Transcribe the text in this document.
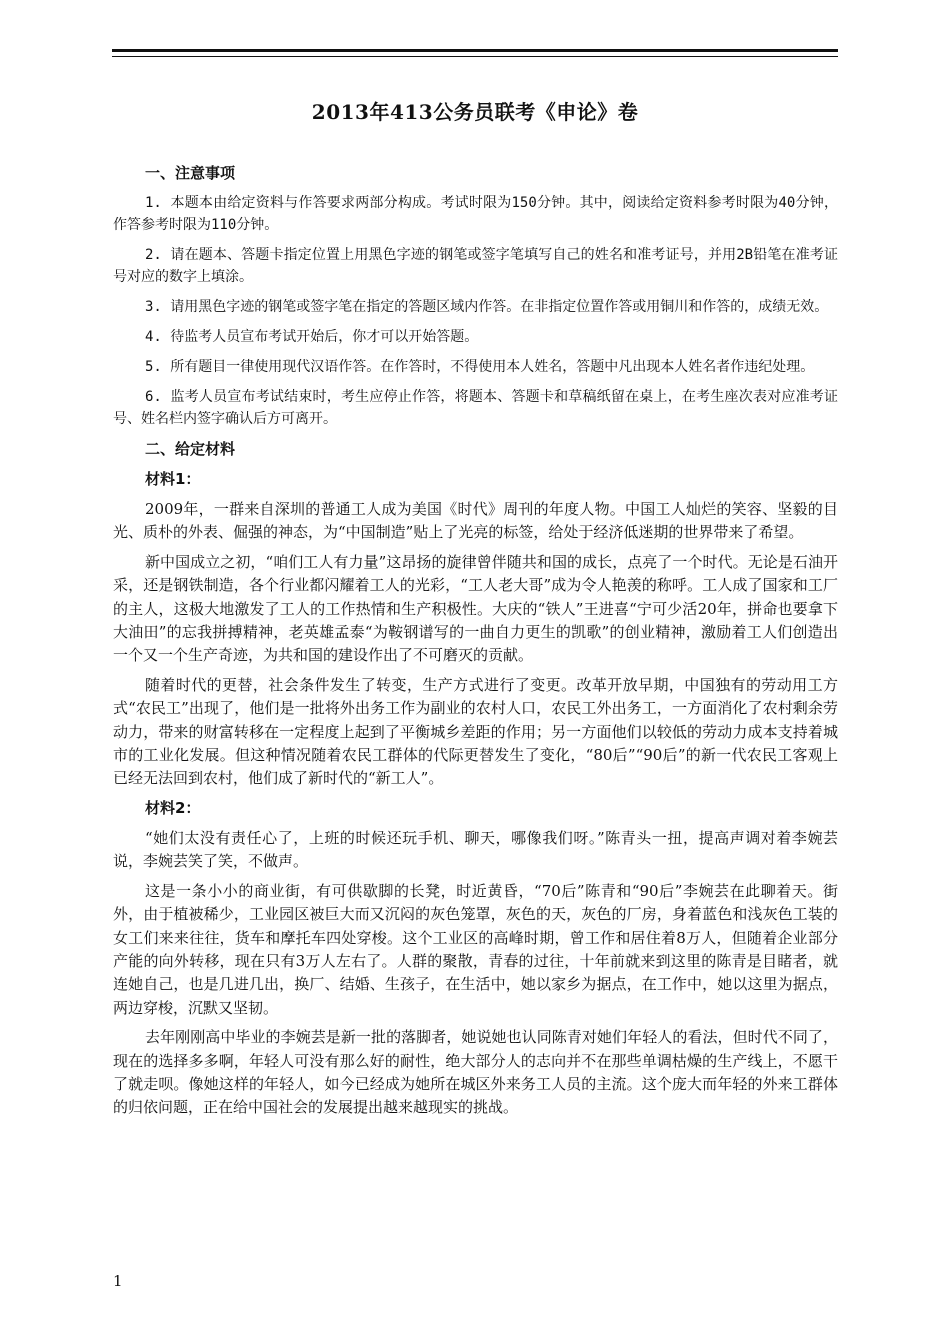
2013年413公务员联考《申论》卷
一、注意事项

1. 本题本由给定资料与作答要求两部分构成。考试时限为150分钟。其中，阅读给定资料参考时限为40分钟，作答参考时限为110分钟。

2. 请在题本、答题卡指定位置上用黑色字迹的钢笔或签字笔填写自己的姓名和准考证号，并用2B铅笔在准考证号对应的数字上填涂。

3. 请用黑色字迹的钢笔或签字笔在指定的答题区域内作答。在非指定位置作答或用铜川和作答的，成绩无效。

4. 待监考人员宣布考试开始后，你才可以开始答题。

5. 所有题目一律使用现代汉语作答。在作答时，不得使用本人姓名，答题中凡出现本人姓名者作违纪处理。

6. 监考人员宣布考试结束时，考生应停止作答，将题本、答题卡和草稿纸留在桌上，在考生座次表对应准考证号、姓名栏内签字确认后方可离开。

二、给定材料
材料1：

2009年，一群来自深圳的普通工人成为美国《时代》周刊的年度人物。中国工人灿烂的笑容、坚毅的目光、质朴的外表、倔强的神态，为“中国制造”贴上了光亮的标签，给处于经济低迷期的世界带来了希望。

新中国成立之初，“咱们工人有力量”这昂扬的旋律曾伴随共和国的成长，点亮了一个时代。无论是石油开采，还是钢铁制造，各个行业都闪耀着工人的光彩，“工人老大哥”成为令人艳羡的称呼。工人成了国家和工厂的主人，这极大地激发了工人的工作热情和生产积极性。大庆的“铁人”王进喜“宁可少活20年，拼命也要拿下大油田”的忘我拼搏精神，老英雄孟泰“为鞍钢谱写的一曲自力更生的凯歌”的创业精神，激励着工人们创造出一个又一个生产奇迹，为共和国的建设作出了不可磨灭的贡献。

随着时代的更替，社会条件发生了转变，生产方式进行了变更。改革开放早期，中国独有的劳动用工方式“农民工”出现了，他们是一批将外出务工作为副业的农村人口，农民工外出务工，一方面消化了农村剩余劳动力，带来的财富转移在一定程度上起到了平衡城乡差距的作用；另一方面他们以较低的劳动力成本支持着城市的工业化发展。但这种情况随着农民工群体的代际更替发生了变化，“80后”“90后”的新一代农民工客观上已经无法回到农村，他们成了新时代的“新工人”。

材料2：

“她们太没有责任心了，上班的时候还玩手机、聊天，哪像我们呀。”陈青头一扭，提高声调对着李婉芸说，李婉芸笑了笑，不做声。

这是一条小小的商业街，有可供歇脚的长凳，时近黄昏，“70后”陈青和“90后”李婉芸在此聊着天。街外，由于植被稀少，工业园区被巨大而又沉闷的灰色笼罩，灰色的天，灰色的厂房，身着蓝色和浅灰色工装的女工们来来往往，货车和摩托车四处穿梭。这个工业区的高峰时期，曾工作和居住着8万人，但随着企业部分产能的向外转移，现在只有3万人左右了。人群的聚散，青春的过往，十年前就来到这里的陈青是目睹者，就连她自己，也是几进几出，换厂、结婚、生孩子，在生活中，她以家乡为据点，在工作中，她以这里为据点，两边穿梭，沉默又坚韧。

去年刚刚高中毕业的李婉芸是新一批的落脚者，她说她也认同陈青对她们年轻人的看法，但时代不同了，现在的选择多多啊，年轻人可没有那么好的耐性，绝大部分人的志向并不在那些单调枯燥的生产线上，不愿干了就走呗。像她这样的年轻人，如今已经成为她所在城区外来务工人员的主流。这个庞大而年轻的外来工群体的归依问题，正在给中国社会的发展提出越来越现实的挑战。

1
